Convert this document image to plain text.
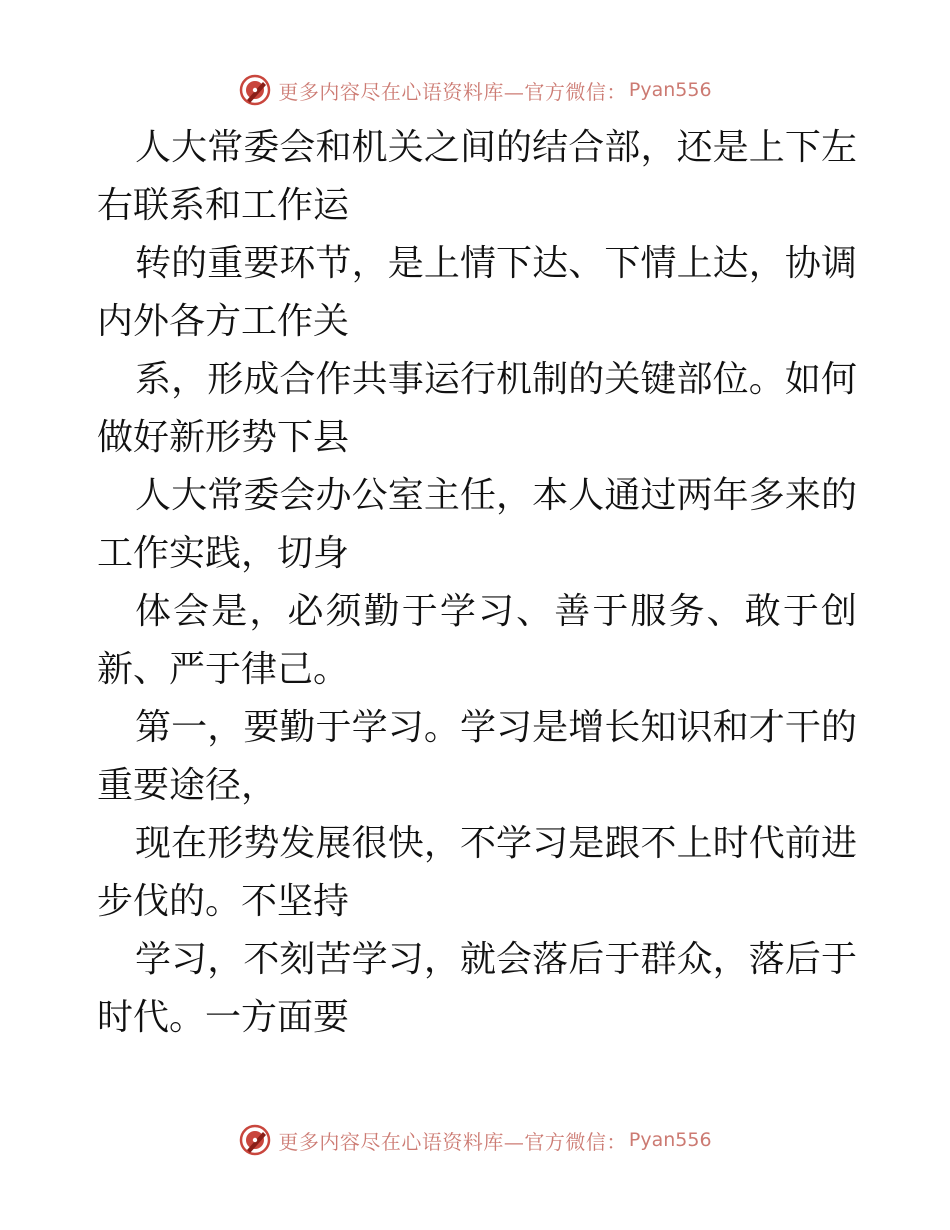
更多内容尽在心语资料库—官方微信： Pyan556

人大常委会和机关之间的结合部，还是上下左右联系和工作运

转的重要环节，是上情下达、下情上达，协调内外各方工作关

系，形成合作共事运行机制的关键部位。如何做好新形势下县

人大常委会办公室主任，本人通过两年多来的工作实践，切身

体会是，必须勤于学习、善于服务、敢于创新、严于律己。

第一，要勤于学习。学习是增长知识和才干的重要途径，

现在形势发展很快，不学习是跟不上时代前进步伐的。不坚持

学习，不刻苦学习，就会落后于群众，落后于时代。一方面要

更多内容尽在心语资料库—官方微信： Pyan556
